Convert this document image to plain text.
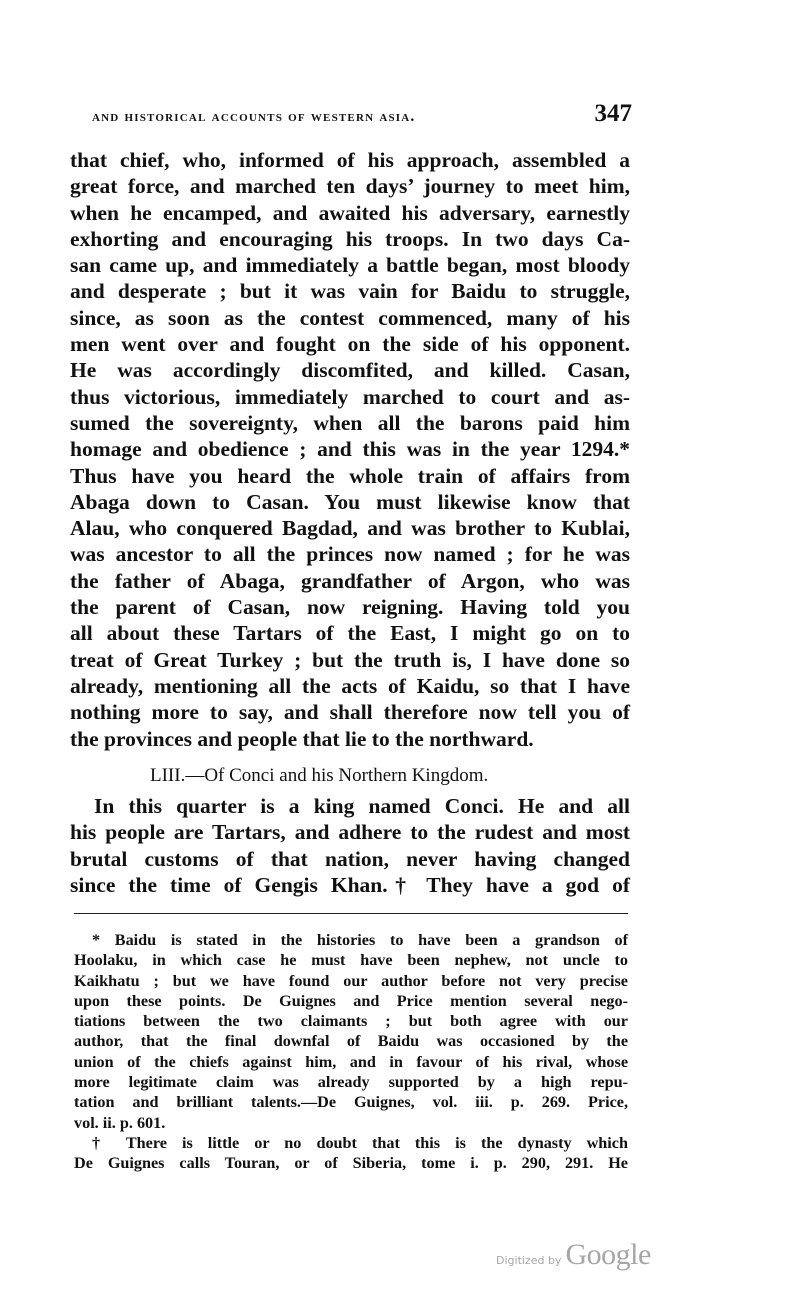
and historical accounts of western asia.	347
that chief, who, informed of his approach, assembled a
great force, and marched ten days’ journey to meet him,
when he encamped, and awaited his adversary, earnestly
exhorting and encouraging his troops. In two days Ca-
san came up, and immediately a battle began, most bloody
and desperate ; but it was vain for Baidu to struggle,
since, as soon as the contest commenced, many of his
men went over and fought on the side of his opponent.
He was accordingly discomfited, and killed. Casan,
thus victorious, immediately marched to court and as-
sumed the sovereignty, when all the barons paid him
homage and obedience ; and this was in the year 1294.*
Thus have you heard the whole train of affairs from
Abaga down to Casan. You must likewise know that
Alau, who conquered Bagdad, and was brother to Kublai,
was ancestor to all the princes now named ; for he was
the father of Abaga, grandfather of Argon, who was
the parent of Casan, now reigning. Having told you
all about these Tartars of the East, I might go on to
treat of Great Turkey ; but the truth is, I have done so
already, mentioning all the acts of Kaidu, so that I have
nothing more to say, and shall therefore now tell you of
the provinces and people that lie to the northward.
LIII.—Of Conci and his Northern Kingdom.
In this quarter is a king named Conci. He and all
his people are Tartars, and adhere to the rudest and most
brutal customs of that nation, never having changed
since the time of Gengis Khan.† They have a god of
* Baidu is stated in the histories to have been a grandson of
Hoolaku, in which case he must have been nephew, not uncle to
Kaikhatu ; but we have found our author before not very precise
upon these points. De Guignes and Price mention several nego-
tiations between the two claimants ; but both agree with our
author, that the final downfal of Baidu was occasioned by the
union of the chiefs against him, and in favour of his rival, whose
more legitimate claim was already supported by a high repu-
tation and brilliant talents.—De Guignes, vol. iii. p. 269. Price,
vol. ii. p. 601.
† There is little or no doubt that this is the dynasty which
De Guignes calls Touran, or of Siberia, tome i. p. 290, 291. He
Digitized by Google
